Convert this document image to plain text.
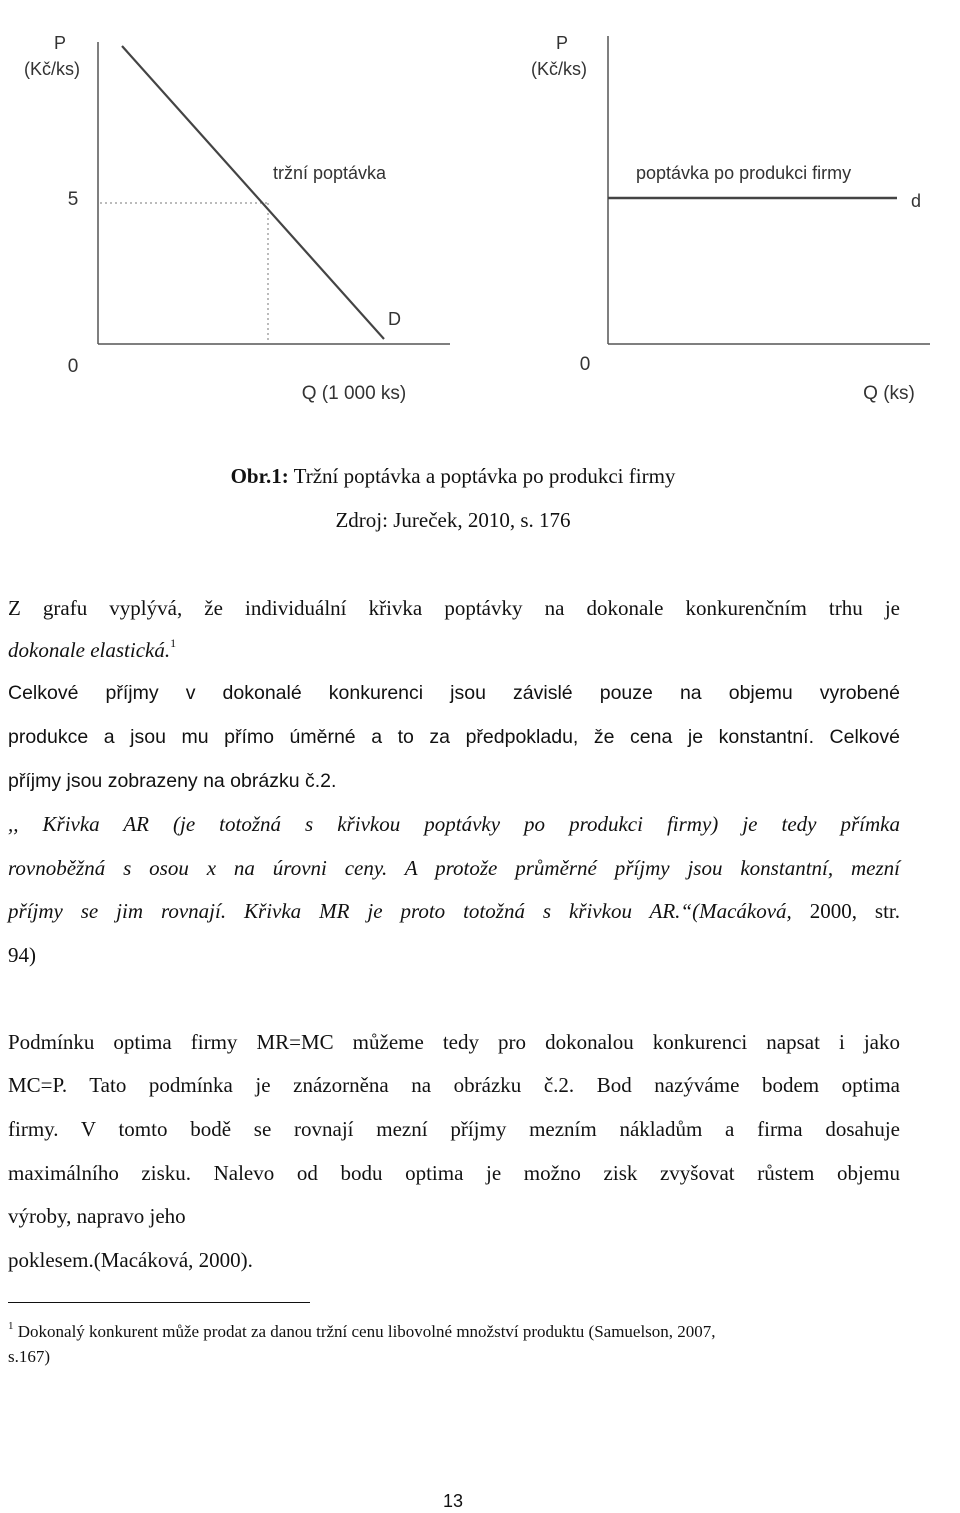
P
(Kč/ks)
5
0
Q (1 000 ks)
tržní poptávka
D
P
(Kč/ks)
0
Q (ks)
poptávka po produkci firmy
d
Obr.1: Tržní poptávka a poptávka po produkci firmy
Zdroj: Jureček, 2010, s. 176
Z grafu vyplývá, že individuální křivka poptávky na dokonale konkurenčním trhu je
dokonale elastická.$^1$
Celkové příjmy v dokonalé konkurenci jsou závislé pouze na objemu vyrobené
produkce a jsou mu přímo úměrné a to za předpokladu, že cena je konstantní. Celkové
příjmy jsou zobrazeny na obrázku č.2.
,, Křivka AR (je totožná s křivkou poptávky po produkci firmy) je tedy přímka
rovnoběžná s osou x na úrovni ceny. A protože průměrné příjmy jsou konstantní, mezní
příjmy se jim rovnají. Křivka MR je proto totožná s křivkou AR.“(Macáková, 2000, str.
94)
Podmínku optima firmy MR=MC můžeme tedy pro dokonalou konkurenci napsat i jako
MC=P. Tato podmínka je znázorněna na obrázku č.2. Bod nazýváme bodem optima
firmy. V tomto bodě se rovnají mezní příjmy mezním nákladům a firma dosahuje
maximálního zisku. Nalevo od bodu optima je možno zisk zvyšovat růstem objemu
výroby, napravo jeho
poklesem.(Macáková, 2000).
$^1$ Dokonalý konkurent může prodat za danou tržní cenu libovolné množství produktu (Samuelson, 2007,
s.167)
13
